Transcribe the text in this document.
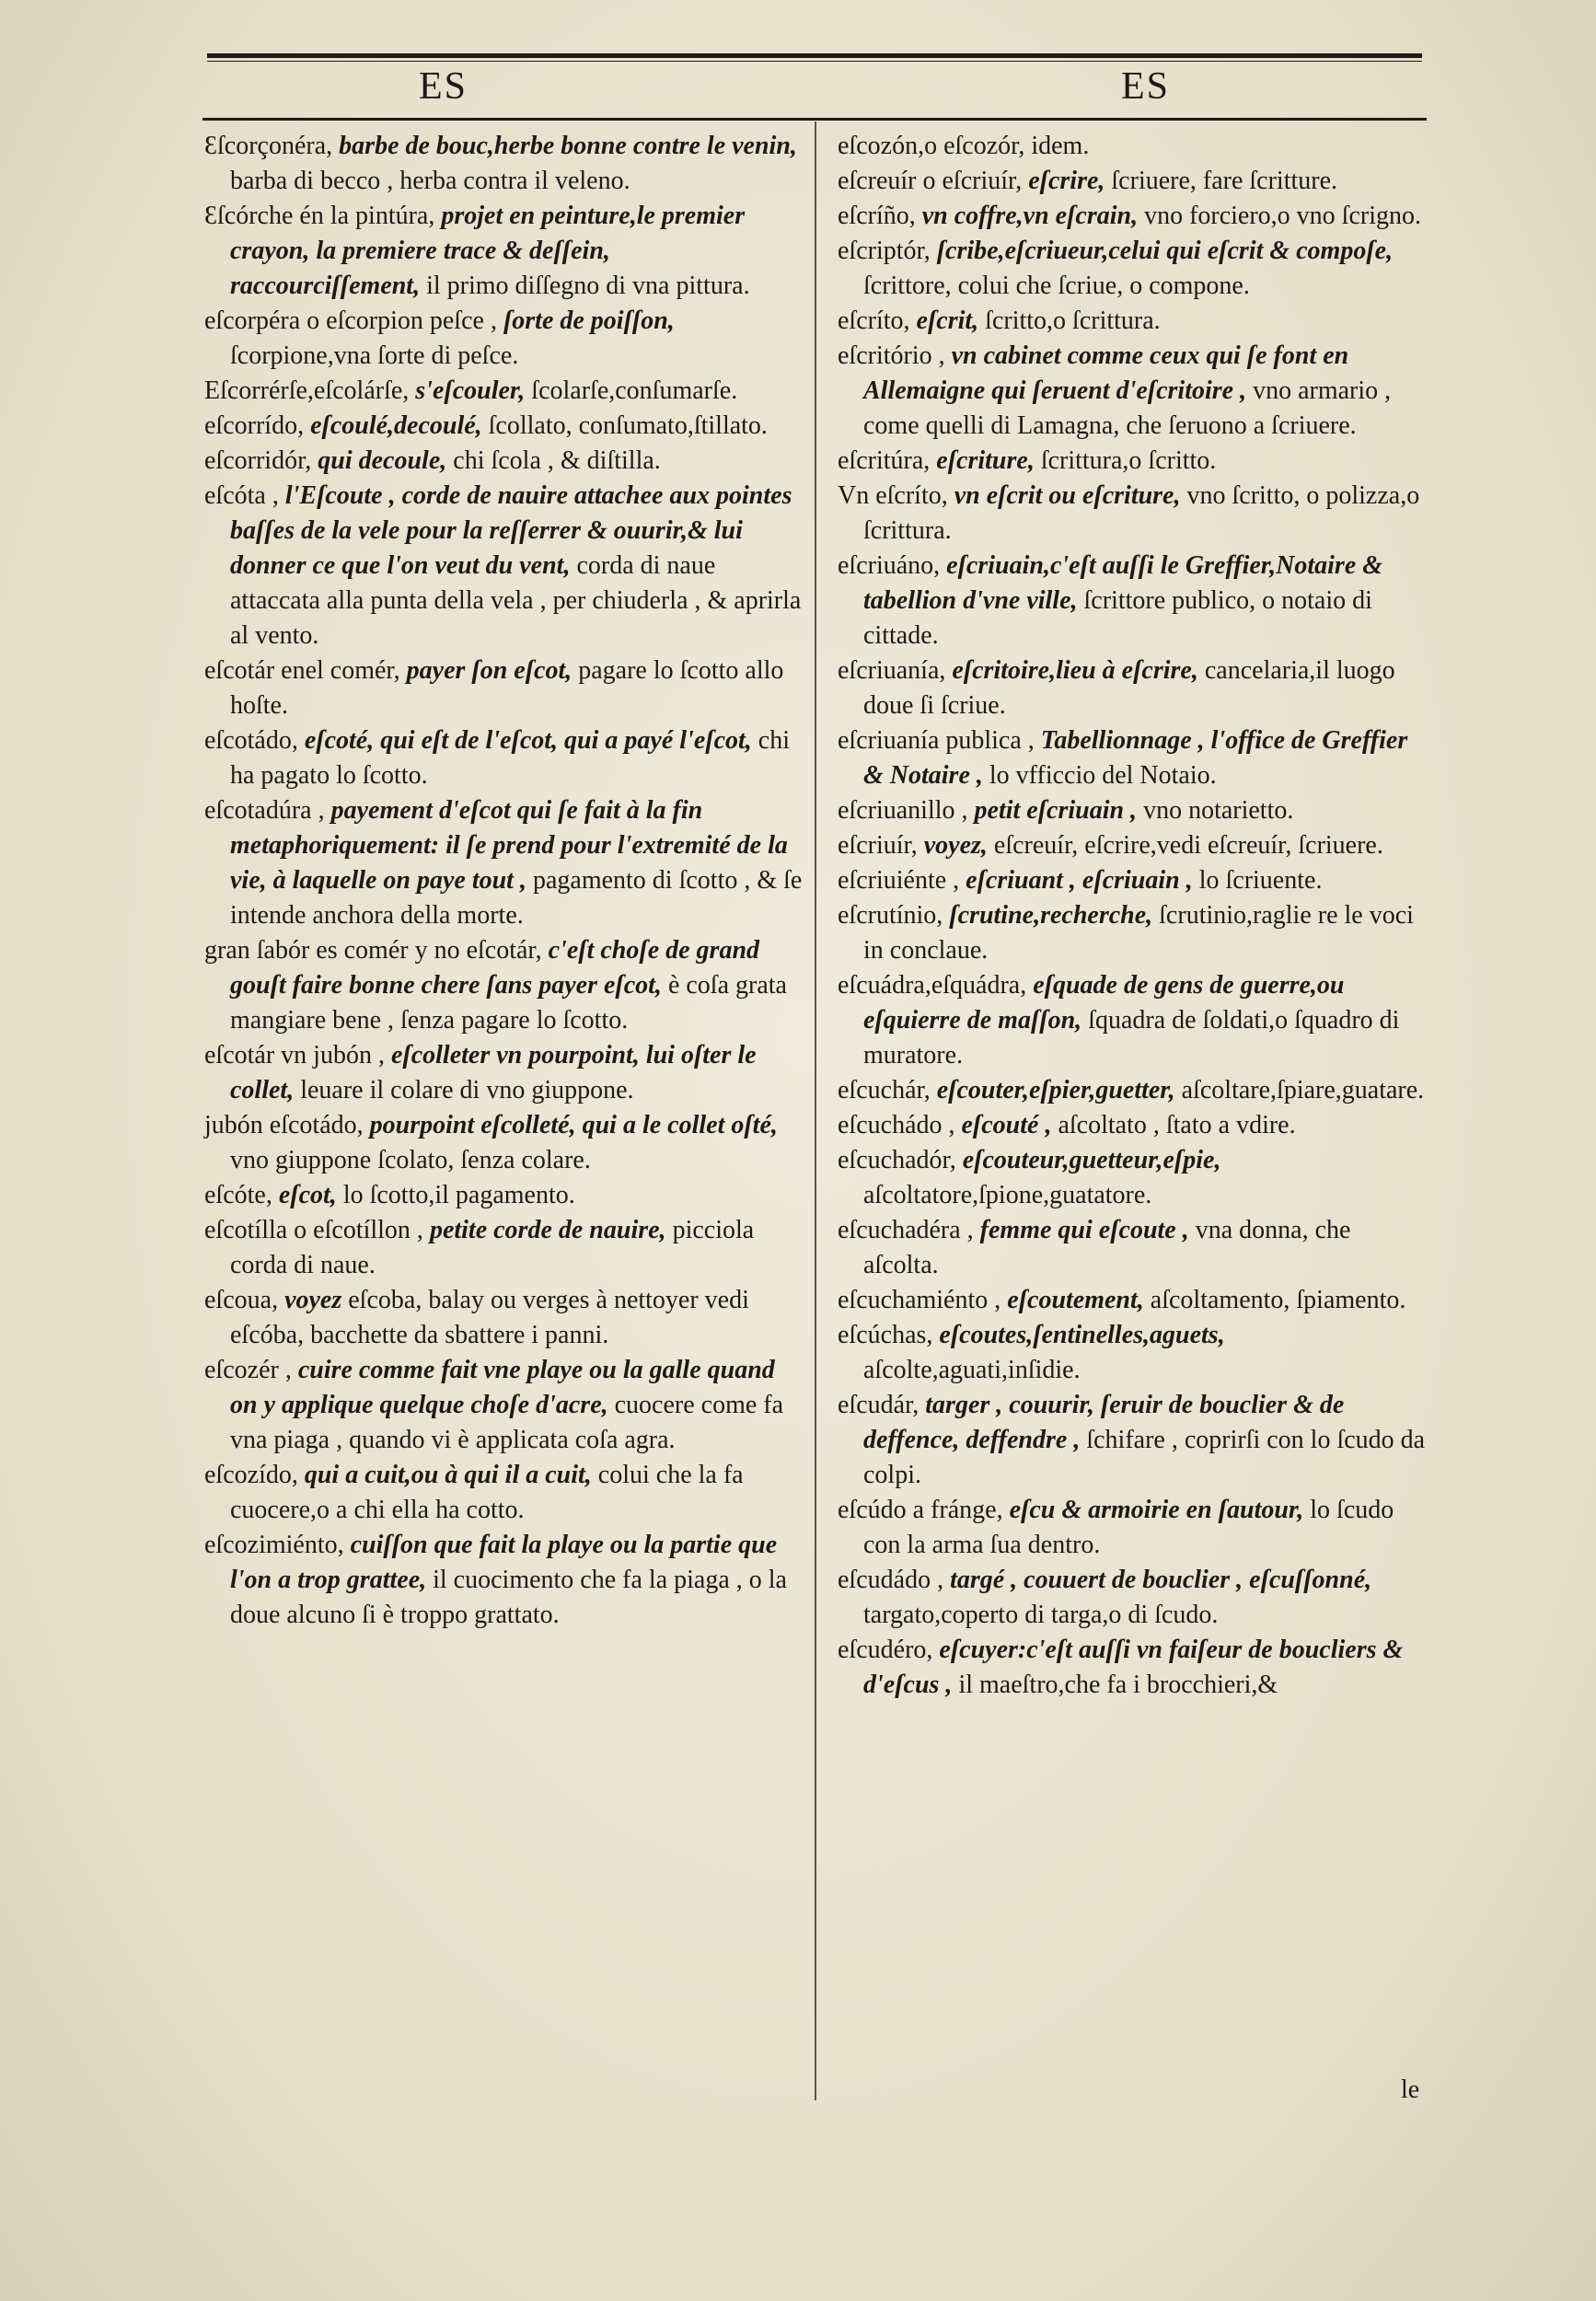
ES	ES

Ɛſcorçonéra, barbe de bouc,herbe bonne contre le venin, barba di becco , herba contra il veleno.

Ɛſcórche én la pintúra, projet en peinture,le premier crayon, la premiere trace & deſſein, raccourciſſement, il primo diſſegno di vna pittura.

eſcorpéra o eſcorpion peſce , ſorte de poiſſon, ſcorpione,vna ſorte di peſce.

Eſcorrérſe,eſcolárſe, s'eſcouler, ſcolarſe,conſumarſe.

eſcorrído, eſcoulé,decoulé, ſcollato, conſumato,ſtillato.

eſcorridór, qui decoule, chi ſcola , & diſtilla.

eſcóta , l'Eſcoute , corde de nauire attachee aux pointes baſſes de la vele pour la reſſerrer & ouurir,& lui donner ce que l'on veut du vent, corda di naue attaccata alla punta della vela , per chiuderla , & aprirla al vento.

eſcotár enel comér, payer ſon eſcot, pagare lo ſcotto allo hoſte.

eſcotádo, eſcoté, qui eſt de l'eſcot, qui a payé l'eſcot, chi ha pagato lo ſcotto.

eſcotadúra , payement d'eſcot qui ſe fait à la fin metaphoriquement: il ſe prend pour l'extremité de la vie, à laquelle on paye tout , pagamento di ſcotto , & ſe intende anchora della morte.

gran ſabór es comér y no eſcotár, c'eſt choſe de grand gouſt faire bonne chere ſans payer eſcot, è coſa grata mangiare bene , ſenza pagare lo ſcotto.

eſcotár vn jubón , eſcolleter vn pourpoint, lui oſter le collet, leuare il colare di vno giuppone.

jubón eſcotádo, pourpoint eſcolleté, qui a le collet oſté, vno giuppone ſcolato, ſenza colare.

eſcóte, eſcot, lo ſcotto,il pagamento.

eſcotílla o eſcotíllon , petite corde de nauire, picciola corda di naue.

eſcoua, voyez eſcoba, balay ou verges à nettoyer vedi eſcóba, bacchette da sbattere i panni.

eſcozér , cuire comme fait vne playe ou la galle quand on y applique quelque choſe d'acre, cuocere come fa vna piaga , quando vi è applicata coſa agra.

eſcozído, qui a cuit,ou à qui il a cuit, colui che la fa cuocere,o a chi ella ha cotto.

eſcozimiénto, cuiſſon que fait la playe ou la partie que l'on a trop grattee, il cuocimento che fa la piaga , o la doue alcuno ſi è troppo grattato.

eſcozón,o eſcozór, idem.

eſcreuír o eſcriuír, eſcrire, ſcriuere, fare ſcritture.

eſcríño, vn coffre,vn eſcrain, vno forciero,o vno ſcrigno.

eſcriptór, ſcribe,eſcriueur,celui qui eſcrit & compoſe, ſcrittore, colui che ſcriue, o compone.

eſcríto, eſcrit, ſcritto,o ſcrittura.

eſcritório , vn cabinet comme ceux qui ſe font en Allemaigne qui ſeruent d'eſcritoire , vno armario , come quelli di Lamagna, che ſeruono a ſcriuere.

eſcritúra, eſcriture, ſcrittura,o ſcritto.

Vn eſcríto, vn eſcrit ou eſcriture, vno ſcritto, o polizza,o ſcrittura.

eſcriuáno, eſcriuain,c'eſt auſſi le Greffier,Notaire & tabellion d'vne ville, ſcrittore publico, o notaio di cittade.

eſcriuanía, eſcritoire,lieu à eſcrire, cancelaria,il luogo doue ſi ſcriue.

eſcriuanía publica , Tabellionnage , l'office de Greffier & Notaire , lo vfficcio del Notaio.

eſcriuanillo , petit eſcriuain , vno notarietto.

eſcriuír, voyez, eſcreuír, eſcrire,vedi eſcreuír, ſcriuere.

eſcriuiénte , eſcriuant , eſcriuain , lo ſcriuente.

eſcrutínio, ſcrutine,recherche, ſcrutinio,raglie re le voci in conclaue.

eſcuádra,eſquádra, eſquade de gens de guerre,ou eſquierre de maſſon, ſquadra de ſoldati,o ſquadro di muratore.

eſcuchár, eſcouter,eſpier,guetter, aſcoltare,ſpiare,guatare.

eſcuchádo , eſcouté , aſcoltato , ſtato a vdire.

eſcuchadór, eſcouteur,guetteur,eſpie, aſcoltatore,ſpione,guatatore.

eſcuchadéra , femme qui eſcoute , vna donna, che aſcolta.

eſcuchamiénto , eſcoutement, aſcoltamento, ſpiamento.

eſcúchas, eſcoutes,ſentinelles,aguets, aſcolte,aguati,inſidie.

eſcudár, targer , couurir, ſeruir de bouclier & de deffence, deffendre , ſchifare , coprirſi con lo ſcudo da colpi.

eſcúdo a fránge, eſcu & armoirie en ſautour, lo ſcudo con la arma ſua dentro.

eſcudádo , targé , couuert de bouclier , eſcuſſonné, targato,coperto di targa,o di ſcudo.

eſcudéro, eſcuyer:c'eſt auſſi vn faiſeur de boucliers & d'eſcus , il maeſtro,che fa i brocchieri,&

le
